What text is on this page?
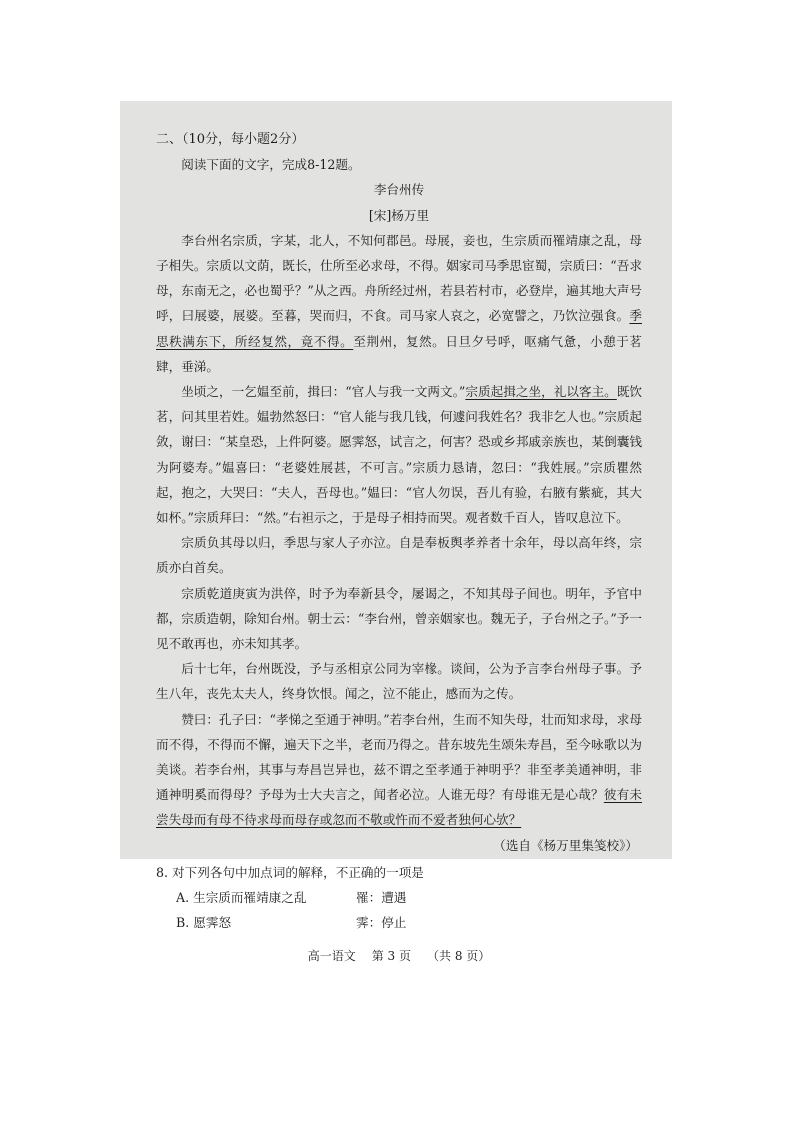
二、（10分，每小题2分）

阅读下面的文字，完成8-12题。

李台州传

[宋]杨万里

李台州名宗质，字某，北人，不知何郡邑。母展，妾也，生宗质而罹靖康之乱，母子相失。宗质以文荫，既长，仕所至必求母，不得。姻家司马季思宦蜀，宗质曰：“吾求母，东南无之，必也蜀乎？”从之西。舟所经过州，若县若村市，必登岸，遍其地大声号呼，曰展婆，展婆。至暮，哭而归，不食。司马家人哀之，必宽譬之，乃饮泣强食。季思秩满东下，所经复然，竟不得。至荆州，复然。日旦夕号呼，呕痛气惫，小憩于茗肆，垂涕。

坐顷之，一乞媪至前，揖曰：“官人与我一文两文。”宗质起揖之坐，礼以客主。既饮茗，问其里若姓。媪勃然怒曰：“官人能与我几钱，何遽问我姓名？我非乞人也。”宗质起敛，谢曰：“某皇恐，上件阿婆。愿霁怒，试言之，何害？恐或乡邦戚亲族也，某倒囊钱为阿婆寿。”媪喜曰：“老婆姓展甚，不可言。”宗质力恳请，忽曰：“我姓展。”宗质瞿然起，抱之，大哭曰：“夫人，吾母也。”媪曰：“官人勿误，吾儿有验，右腋有紫疵，其大如杯。”宗质拜曰：“然。”右袒示之，于是母子相持而哭。观者数千百人，皆叹息泣下。

宗质负其母以归，季思与家人子亦泣。自是奉板舆孝养者十余年，母以高年终，宗质亦白首矣。

宗质乾道庚寅为洪倅，时予为奉新县令，屡谒之，不知其母子间也。明年，予官中都，宗质造朝，除知台州。朝士云：“李台州，曾亲姻家也。魏无子，子台州之子。”予一见不敢再也，亦未知其孝。

后十七年，台州既没，予与丞相京公同为宰椽。谈间，公为予言李台州母子事。予生八年，丧先太夫人，终身饮恨。闻之，泣不能止，感而为之传。

赞曰：孔子曰：“孝悌之至通于神明。”若李台州，生而不知失母，壮而知求母，求母而不得，不得而不懈，遍天下之半，老而乃得之。昔东坡先生颂朱寿昌，至今咏歌以为美谈。若李台州，其事与寿昌岂异也，兹不谓之至孝通于神明乎？非至孝美通神明，非通神明奚而得母？予母为士大夫言之，闻者必泣。人谁无母？有母谁无是心哉？彼有未尝失母而有母不待求母而母存或忽而不敬或忤而不爱者独何心欤？

（选自《杨万里集笺校》）

8. 对下列各句中加点词的解释，不正确的一项是

A. 生宗质而罹靖康之乱	罹：遭遇

B. 愿霁怒	霁：停止

高一语文 第 3 页 （共 8 页）
